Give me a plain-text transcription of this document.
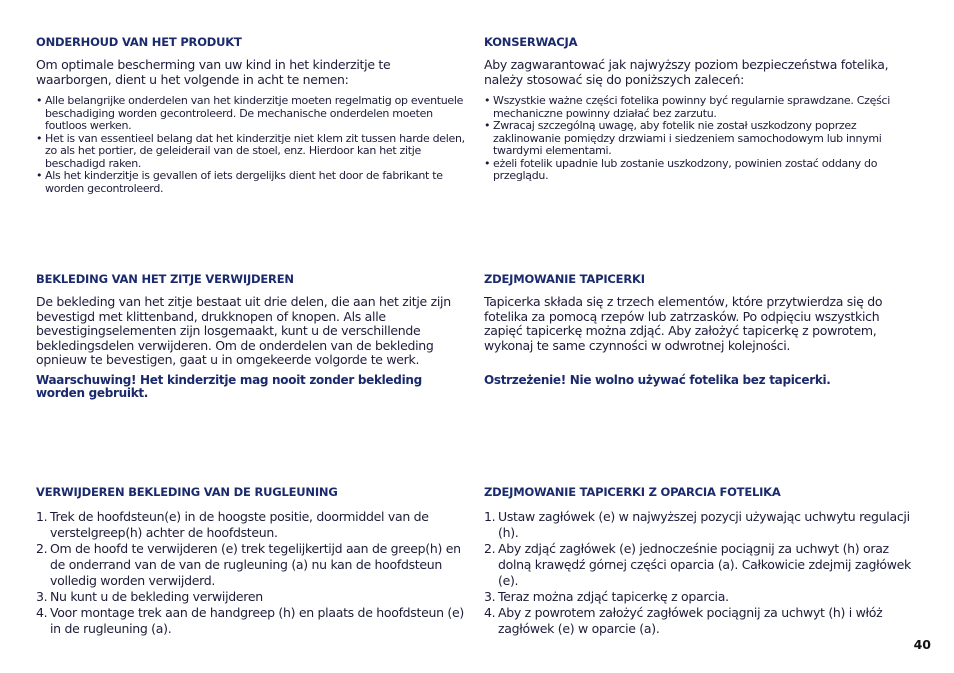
ONDERHOUD VAN HET PRODUKT

Om optimale bescherming van uw kind in het kinderzitje te waarborgen, dient u het volgende in acht te nemen:

• Alle belangrijke onderdelen van het kinderzitje moeten regelmatig op eventuele beschadiging worden gecontroleerd. De mechanische onderdelen moeten foutloos werken.
• Het is van essentieel belang dat het kinderzitje niet klem zit tussen harde delen, zo als het portier, de geleiderail van de stoel, enz. Hierdoor kan het zitje beschadigd raken.
• Als het kinderzitje is gevallen of iets dergelijks dient het door de fabrikant te worden gecontroleerd.
BEKLEDING VAN HET ZITJE VERWIJDEREN

De bekleding van het zitje bestaat uit drie delen, die aan het zitje zijn bevestigd met klittenband, drukknopen of knopen. Als alle bevestigingselementen zijn losgemaakt, kunt u de verschillende bekledingsdelen verwijderen. Om de onderdelen van de bekleding opnieuw te bevestigen, gaat u in omgekeerde volgorde te werk.

Waarschuwing! Het kinderzitje mag nooit zonder bekleding worden gebruikt.

VERWIJDEREN BEKLEDING VAN DE RUGLEUNING
1. Trek de hoofdsteun(e) in de hoogste positie, doormiddel van de verstelgreep(h) achter de hoofdsteun.
2. Om de hoofd te verwijderen (e) trek tegelijkertijd aan de greep(h) en de onderrand van de van de rugleuning (a) nu kan de hoofdsteun volledig worden verwijderd.
3. Nu kunt u de bekleding verwijderen
4. Voor montage trek aan de handgreep (h) en plaats de hoofdsteun (e) in de rugleuning (a).
KONSERWACJA

Aby zagwarantować jak najwyższy poziom bezpieczeństwa fotelika, należy stosować się do poniższych zaleceń:

• Wszystkie ważne części fotelika powinny być regularnie sprawdzane. Części mechaniczne powinny działać bez zarzutu.
• Zwracaj szczególną uwagę, aby fotelik nie został uszkodzony poprzez zaklinowanie pomiędzy drzwiami i siedzeniem samochodowym lub innymi twardymi elementami.
• eżeli fotelik upadnie lub zostanie uszkodzony, powinien zostać oddany do przeglądu.
ZDEJMOWANIE TAPICERKI

Tapicerka składa się z trzech elementów, które przytwierdza się do fotelika za pomocą rzepów lub zatrzasków. Po odpięciu wszystkich zapięć tapicerkę można zdjąć. Aby założyć tapicerkę z powrotem, wykonaj te same czynności w odwrotnej kolejności.

Ostrzeżenie! Nie wolno używać fotelika bez tapicerki.

ZDEJMOWANIE TAPICERKI Z OPARCIA FOTELIKA
1. Ustaw zagłówek (e) w najwyższej pozycji używając uchwytu regulacji (h).
2. Aby zdjąć zagłówek (e) jednocześnie pociągnij za uchwyt (h) oraz dolną krawędź górnej części oparcia (a). Całkowicie zdejmij zagłówek (e).
3. Teraz można zdjąć tapicerkę z oparcia.
4. Aby z powrotem założyć zagłówek pociągnij za uchwyt (h) i włóż zagłówek (e) w oparcie (a).
40
